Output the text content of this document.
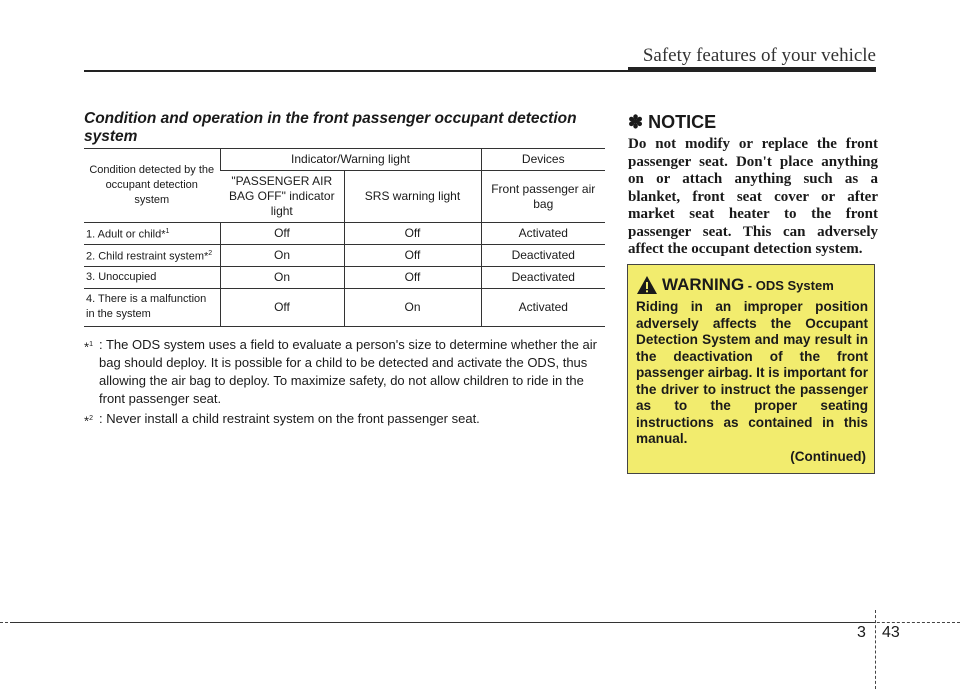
Safety features of your vehicle
Condition and operation in the front passenger occupant detection system
Condition detected by the occupant detection system	Indicator/Warning light		Devices
	"PASSENGER AIR BAG OFF" indicator light	SRS warning light	Front passenger air bag
1. Adult or child*$^1$	Off	Off	Activated
2. Child restraint system*$^2$	On	Off	Deactivated
3. Unoccupied	On	Off	Deactivated
4. There is a malfunction in the system	Off	On	Activated
*$^1$ : The ODS system uses a field to evaluate a person's size to determine whether the air bag should deploy. It is possible for a child to be detected and activate the ODS, thus allowing the air bag to deploy. To maximize safety, do not allow children to ride in the front passenger seat.
*$^2$ : Never install a child restraint system on the front passenger seat.
✽ NOTICE
Do not modify or replace the front passenger seat. Don't place anything on or attach anything such as a blanket, front seat cover or after market seat heater to the front passenger seat. This can adversely affect the occupant detection system.
WARNING - ODS System
Riding in an improper position adversely affects the Occupant Detection System and may result in the deactivation of the front passenger airbag. It is important for the driver to instruct the passenger as to the proper seating instructions as contained in this manual.
(Continued)
3 43
